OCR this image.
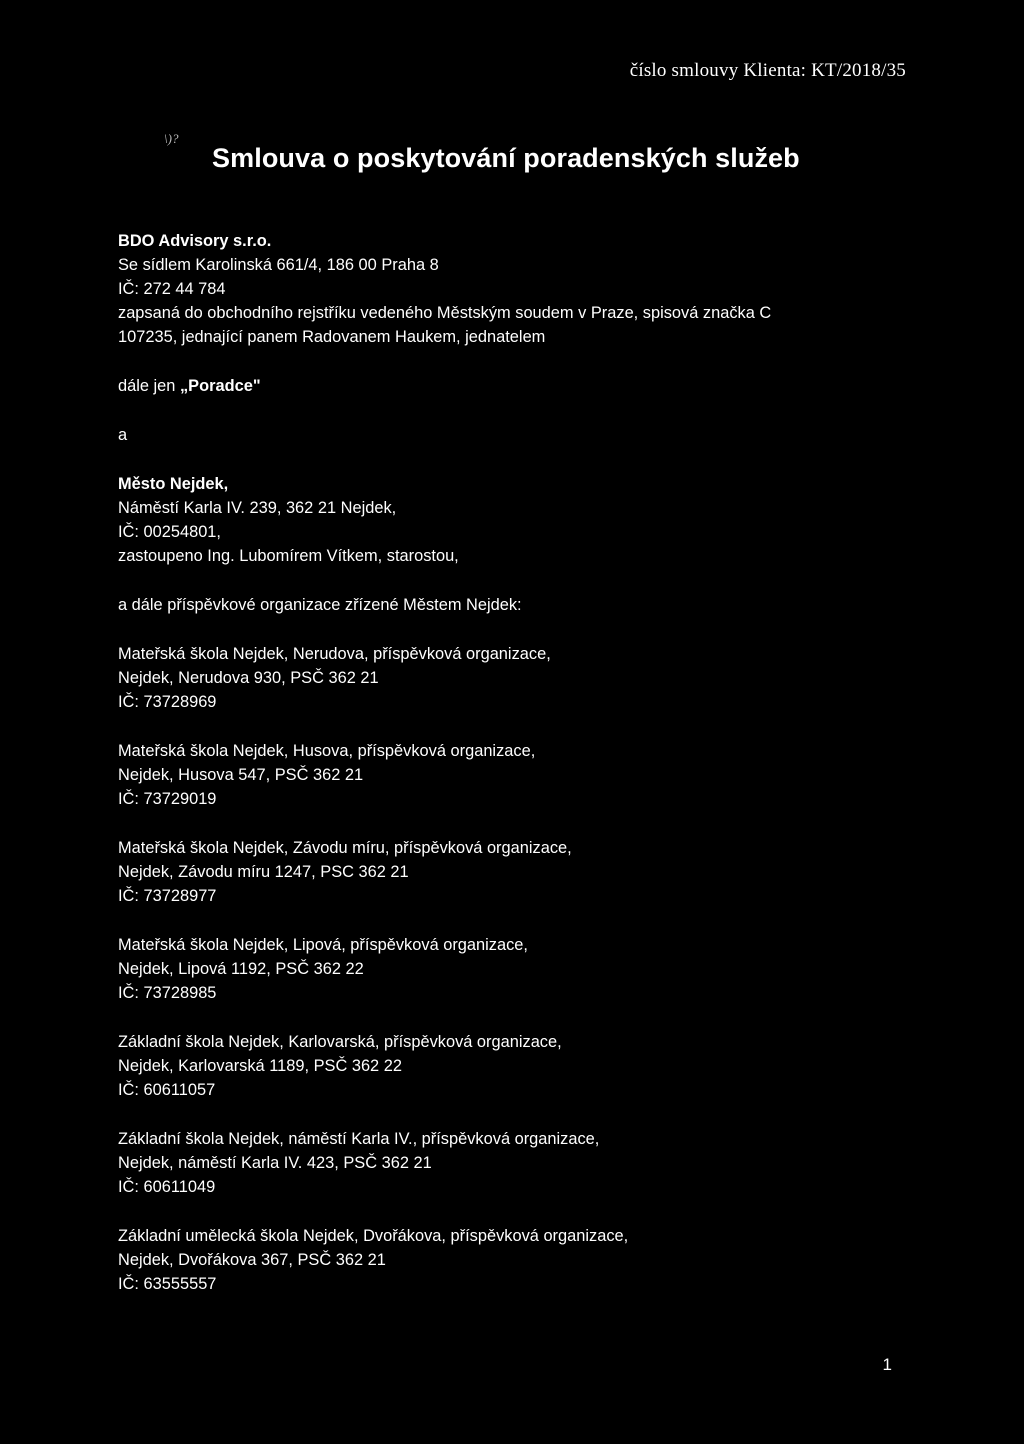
číslo smlouvy Klienta: KT/2018/35
\)?
Smlouva o poskytování poradenských služeb
BDO Advisory s.r.o.
Se sídlem Karolinská 661/4, 186 00 Praha 8
IČ: 272 44 784
zapsaná do obchodního rejstříku vedeného Městským soudem v Praze, spisová značka C
107235, jednající panem Radovanem Haukem, jednatelem
dále jen „Poradce"
a
Město Nejdek,
Náměstí Karla IV. 239, 362 21 Nejdek,
IČ: 00254801,
zastoupeno Ing. Lubomírem Vítkem, starostou,
a dále příspěvkové organizace zřízené Městem Nejdek:
Mateřská škola Nejdek, Nerudova, příspěvková organizace,
Nejdek, Nerudova 930, PSČ 362 21
IČ: 73728969
Mateřská škola Nejdek, Husova, příspěvková organizace,
Nejdek, Husova 547, PSČ 362 21
IČ: 73729019
Mateřská škola Nejdek, Závodu míru, příspěvková organizace,
Nejdek, Závodu míru 1247, PSC 362 21
IČ: 73728977
Mateřská škola Nejdek, Lipová, příspěvková organizace,
Nejdek, Lipová 1192, PSČ 362 22
IČ: 73728985
Základní škola Nejdek, Karlovarská, příspěvková organizace,
Nejdek, Karlovarská 1189, PSČ 362 22
IČ: 60611057
Základní škola Nejdek, náměstí Karla IV., příspěvková organizace,
Nejdek, náměstí Karla IV. 423, PSČ 362 21
IČ: 60611049
Základní umělecká škola Nejdek, Dvořákova, příspěvková organizace,
Nejdek, Dvořákova 367, PSČ 362 21
IČ: 63555557
1
